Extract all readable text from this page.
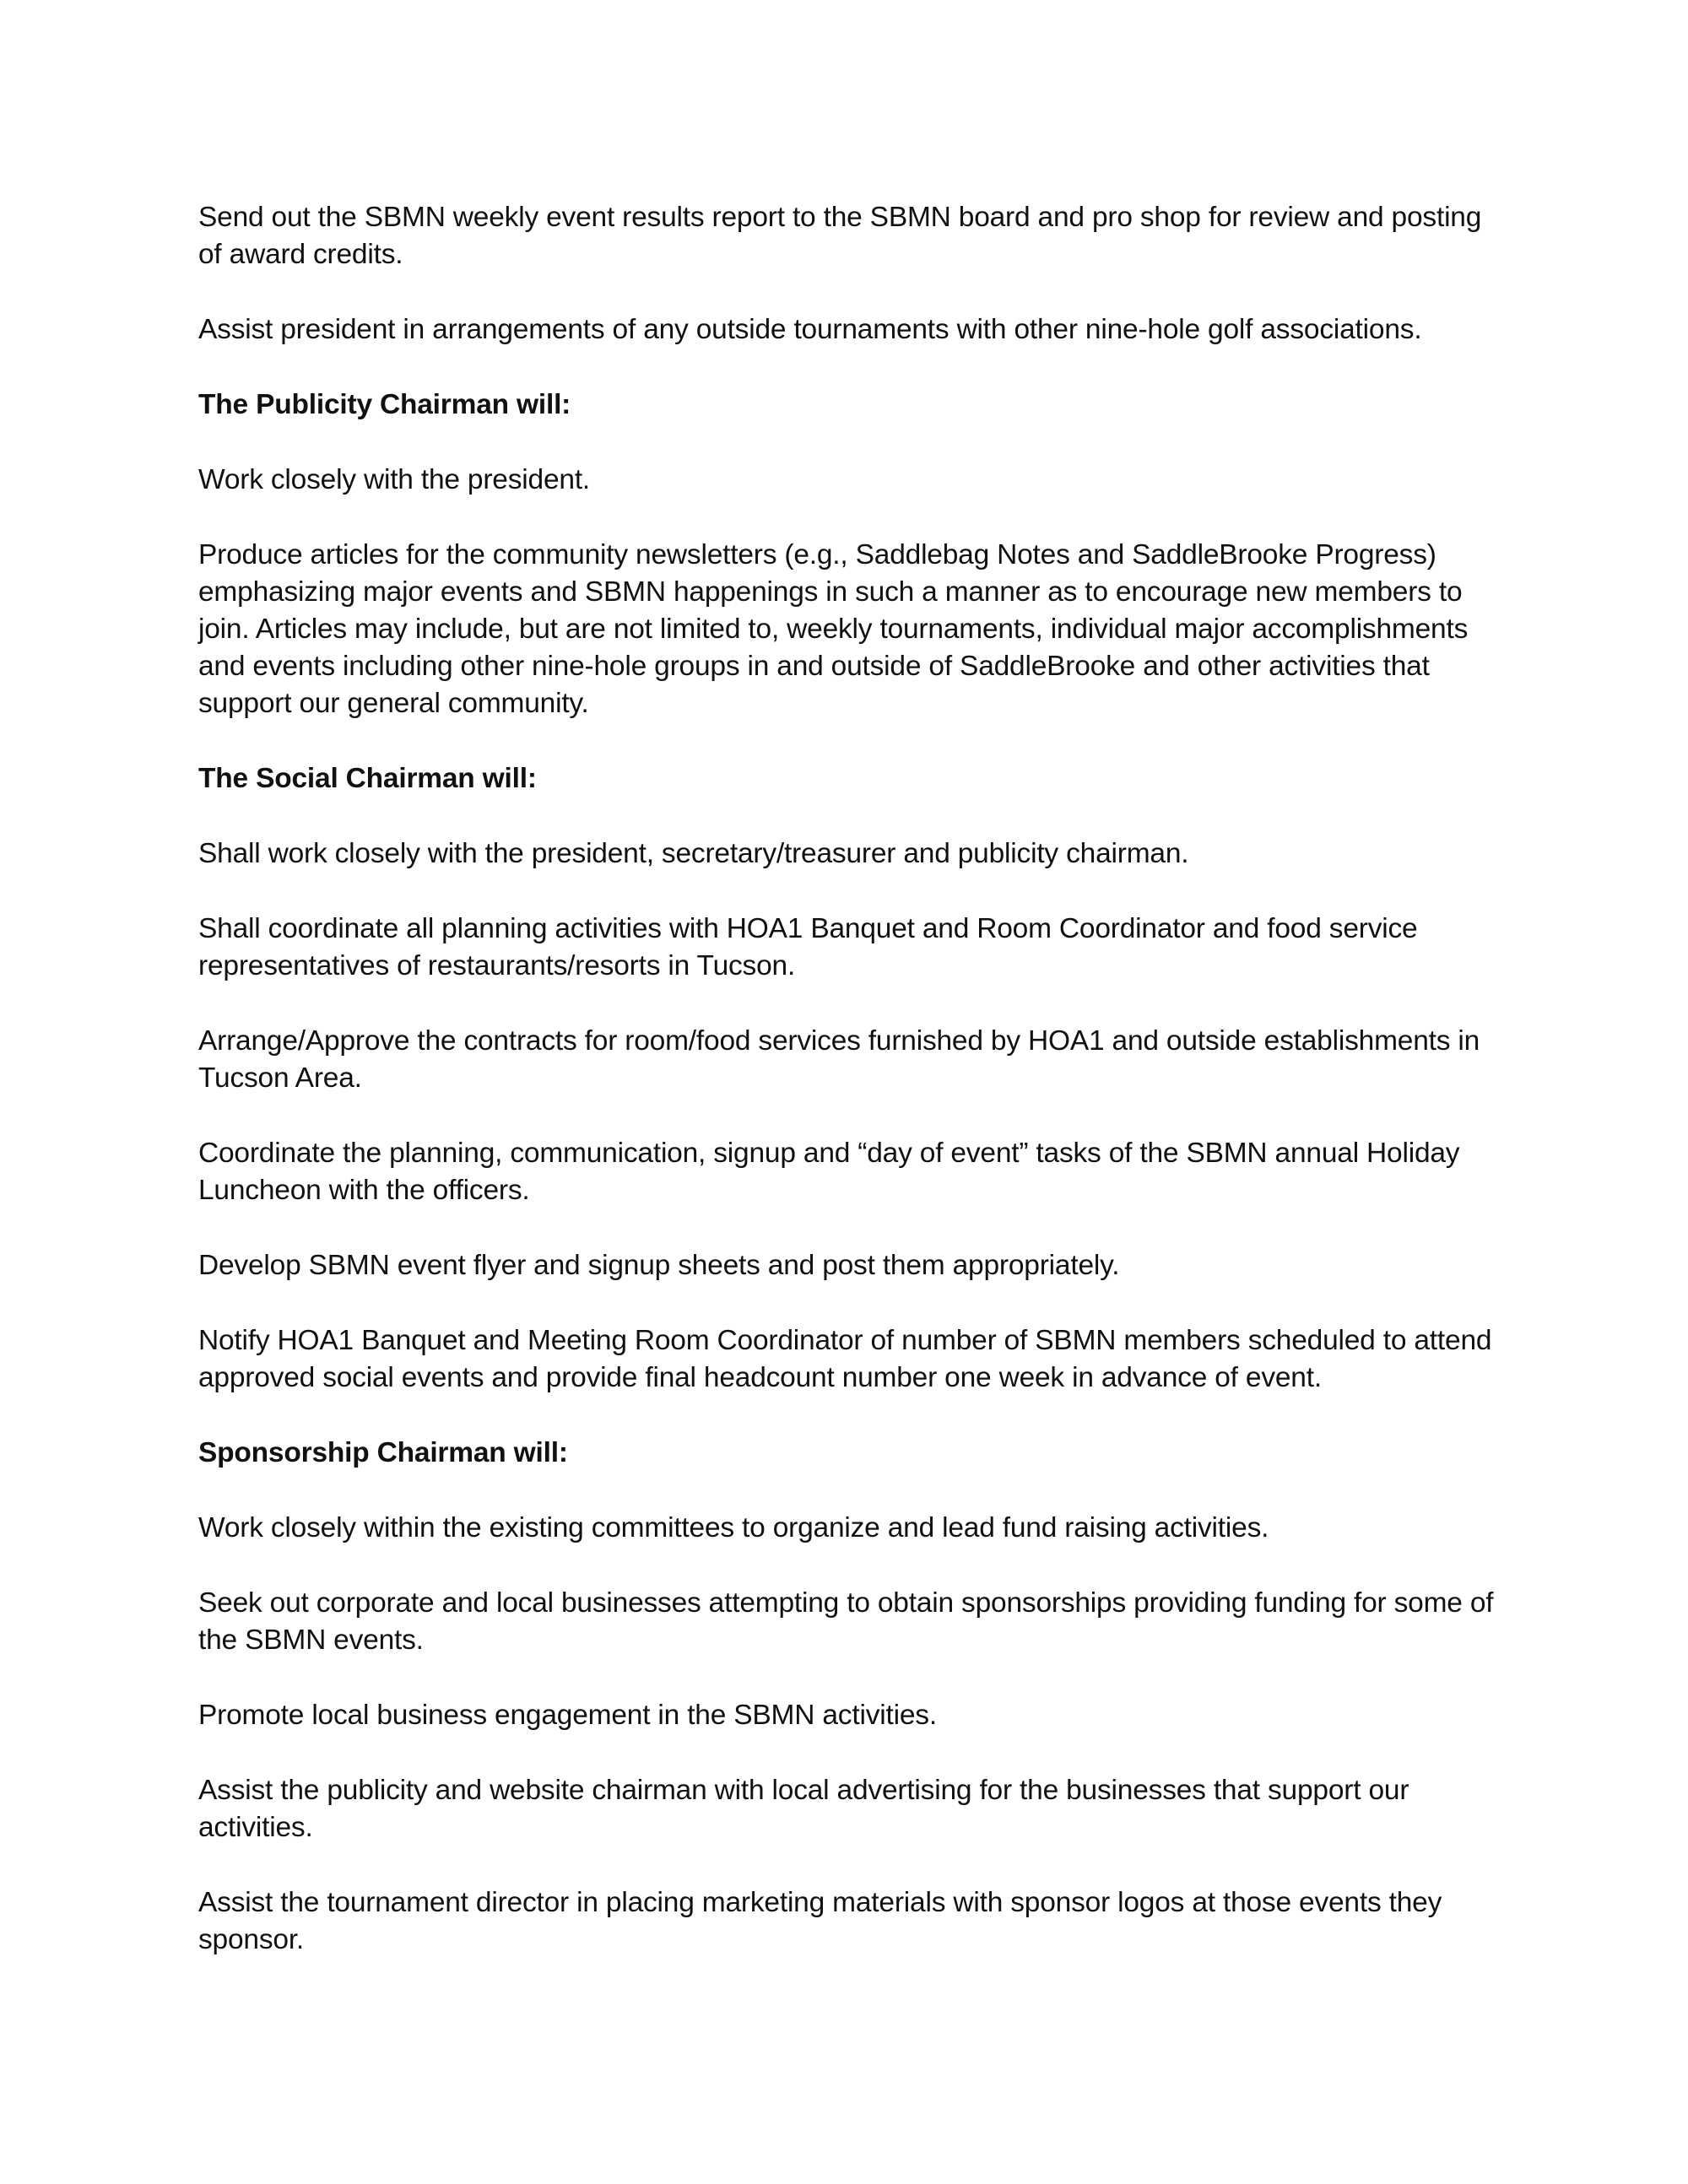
Send out the SBMN weekly event results report to the SBMN board and pro shop for review and posting of award credits.

Assist president in arrangements of any outside tournaments with other nine-hole golf associations.

The Publicity Chairman will:

Work closely with the president.

Produce articles for the community newsletters (e.g., Saddlebag Notes and SaddleBrooke Progress) emphasizing major events and SBMN happenings in such a manner as to encourage new members to join. Articles may include, but are not limited to, weekly tournaments, individual major accomplishments and events including other nine-hole groups in and outside of SaddleBrooke and other activities that support our general community.

The Social Chairman will:

Shall work closely with the president, secretary/treasurer and publicity chairman.

Shall coordinate all planning activities with HOA1 Banquet and Room Coordinator and food service representatives of restaurants/resorts in Tucson.

Arrange/Approve the contracts for room/food services furnished by HOA1 and outside establishments in Tucson Area.

Coordinate the planning, communication, signup and “day of event” tasks of the SBMN annual Holiday Luncheon with the officers.

Develop SBMN event flyer and signup sheets and post them appropriately.

Notify HOA1 Banquet and Meeting Room Coordinator of number of SBMN members scheduled to attend approved social events and provide final headcount number one week in advance of event.

Sponsorship Chairman will:

Work closely within the existing committees to organize and lead fund raising activities.

Seek out corporate and local businesses attempting to obtain sponsorships providing funding for some of the SBMN events.

Promote local business engagement in the SBMN activities.

Assist the publicity and website chairman with local advertising for the businesses that support our activities.

Assist the tournament director in placing marketing materials with sponsor logos at those events they sponsor.
